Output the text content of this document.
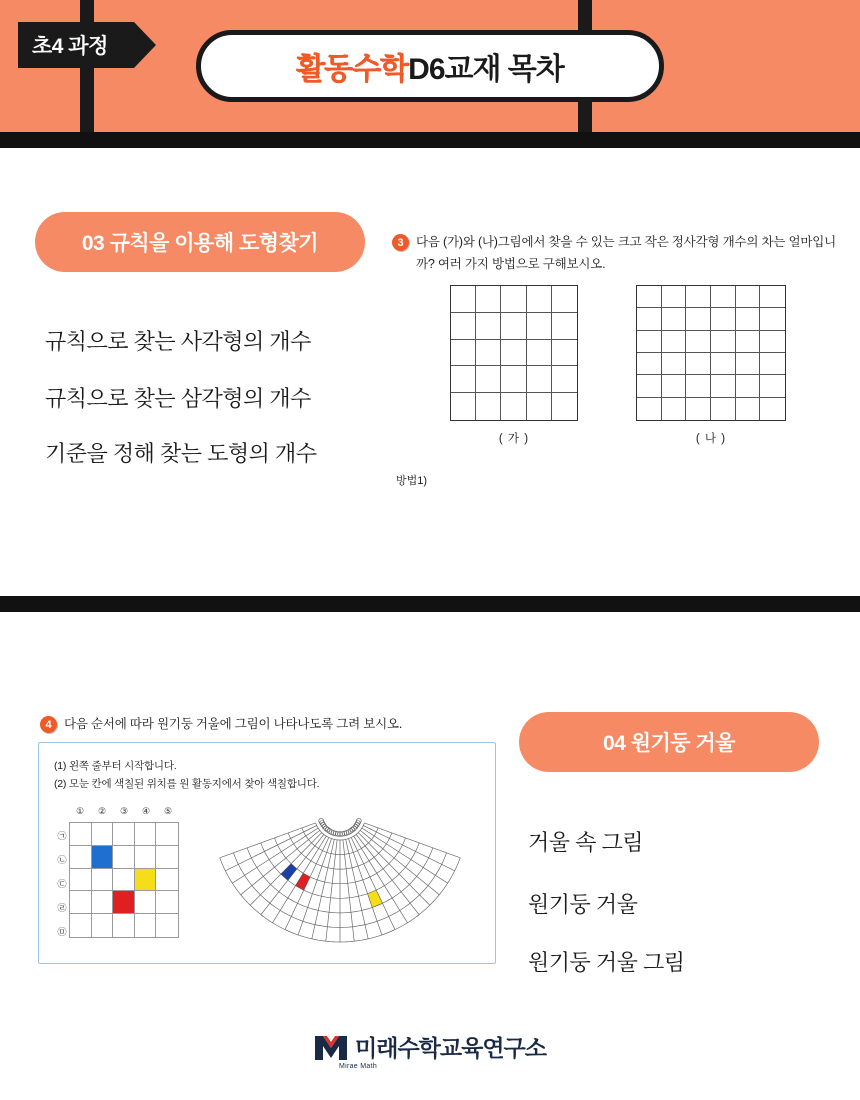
활동수학D6교재 목차
초4 과정
03 규칙을 이용해 도형찾기
규칙으로 찾는 사각형의 개수
규칙으로 찾는 삼각형의 개수
기준을 정해 찾는 도형의 개수
3 다음 (가)와 (나)그림에서 찾을 수 있는 크고 작은 정사각형 개수의 차는 얼마입니까? 여러 가지 방법으로 구해보시오.
( 가 )	( 나 )
방법1)
04 원기둥 거울
거울 속 그림
원기둥 거울
원기둥 거울 그림
4 다음 순서에 따라 원기둥 거울에 그림이 나타나도록 그려 보시오.
(1) 왼쪽 줄부터 시작합니다.
(2) 모눈 칸에 색칠된 위치를 원 활동지에서 찾아 색칠합니다.
① ② ③ ④ ⑤
㉠
㉡
㉢
㉣
㉤
미래수학교육연구소
Mirae Math
